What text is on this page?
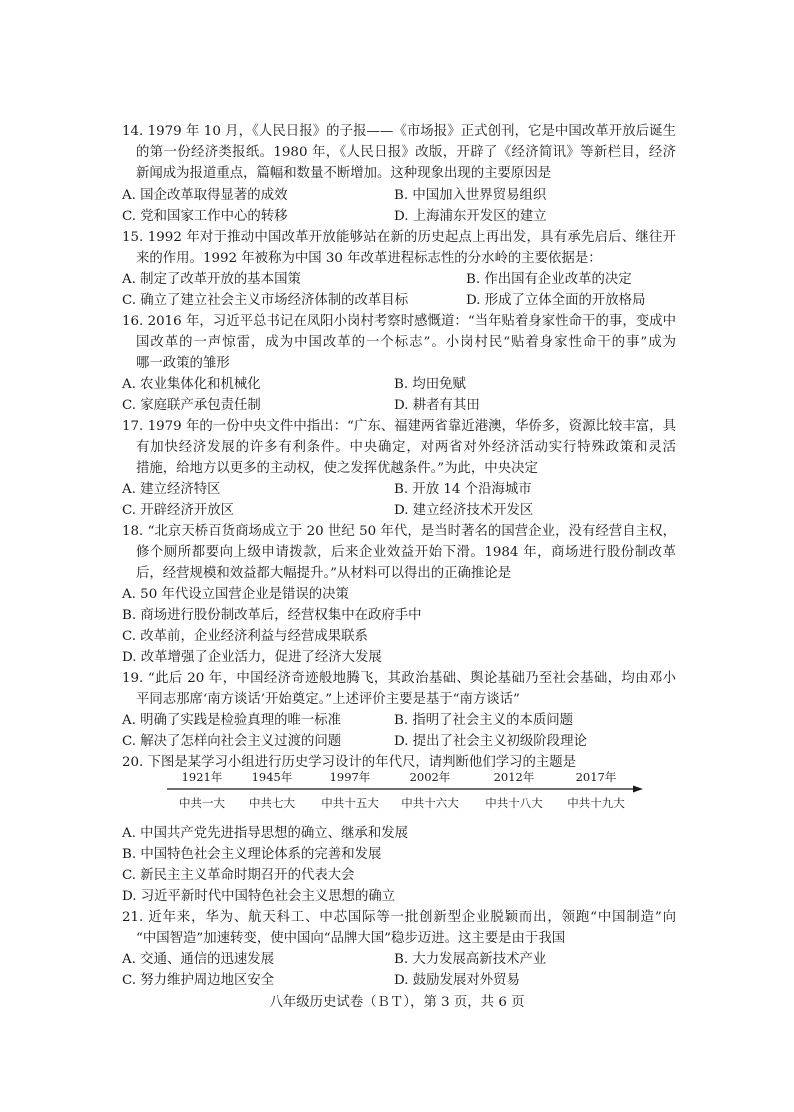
14. 1979 年 10 月，《人民日报》的子报——《市场报》正式创刊，它是中国改革开放后诞生
的第一份经济类报纸。1980 年，《人民日报》改版，开辟了《经济简讯》等新栏目，经济
新闻成为报道重点，篇幅和数量不断增加。这种现象出现的主要原因是
A. 国企改革取得显著的成效	B. 中国加入世界贸易组织
C. 党和国家工作中心的转移	D. 上海浦东开发区的建立
15. 1992 年对于推动中国改革开放能够站在新的历史起点上再出发，具有承先启后、继往开
来的作用。1992 年被称为中国 30 年改革进程标志性的分水岭的主要依据是：
A. 制定了改革开放的基本国策	B. 作出国有企业改革的决定
C. 确立了建立社会主义市场经济体制的改革目标	D. 形成了立体全面的开放格局
16. 2016 年，习近平总书记在凤阳小岗村考察时感慨道：“当年贴着身家性命干的事，变成中
国改革的一声惊雷，成为中国改革的一个标志”。小岗村民“贴着身家性命干的事”成为
哪一政策的雏形
A. 农业集体化和机械化	B. 均田免赋
C. 家庭联产承包责任制	D. 耕者有其田
17. 1979 年的一份中央文件中指出：“广东、福建两省靠近港澳，华侨多，资源比较丰富，具
有加快经济发展的许多有利条件。中央确定，对两省对外经济活动实行特殊政策和灵活
措施，给地方以更多的主动权，使之发挥优越条件。”为此，中央决定
A. 建立经济特区	B. 开放 14 个沿海城市
C. 开辟经济开放区	D. 建立经济技术开发区
18. “北京天桥百货商场成立于 20 世纪 50 年代，是当时著名的国营企业，没有经营自主权，
修个厕所都要向上级申请拨款，后来企业效益开始下滑。1984 年，商场进行股份制改革
后，经营规模和效益都大幅提升。”从材料可以得出的正确推论是
A. 50 年代设立国营企业是错误的决策
B. 商场进行股份制改革后，经营权集中在政府手中
C. 改革前，企业经济利益与经营成果联系
D. 改革增强了企业活力，促进了经济大发展
19. “此后 20 年，中国经济奇迹般地腾飞，其政治基础、舆论基础乃至社会基础，均由邓小
平同志那席‘南方谈话’开始奠定。”上述评价主要是基于“南方谈话”
A. 明确了实践是检验真理的唯一标准	B. 指明了社会主义的本质问题
C. 解决了怎样向社会主义过渡的问题	D. 提出了社会主义初级阶段理论
20. 下图是某学习小组进行历史学习设计的年代尺，请判断他们学习的主题是
1921年	1945年	1997年	2002年	2012年	2017年
中共一大 中共七大 中共十五大 中共十六大 中共十八大 中共十九大
A. 中国共产党先进指导思想的确立、继承和发展
B. 中国特色社会主义理论体系的完善和发展
C. 新民主主义革命时期召开的代表大会
D. 习近平新时代中国特色社会主义思想的确立
21. 近年来，华为、航天科工、中芯国际等一批创新型企业脱颖而出，领跑“中国制造”向
“中国智造”加速转变，使中国向“品牌大国”稳步迈进。这主要是由于我国
A. 交通、通信的迅速发展	B. 大力发展高新技术产业
C. 努力维护周边地区安全	D. 鼓励发展对外贸易
八年级历史试卷（ＢＴ），第 3 页，共 6 页
